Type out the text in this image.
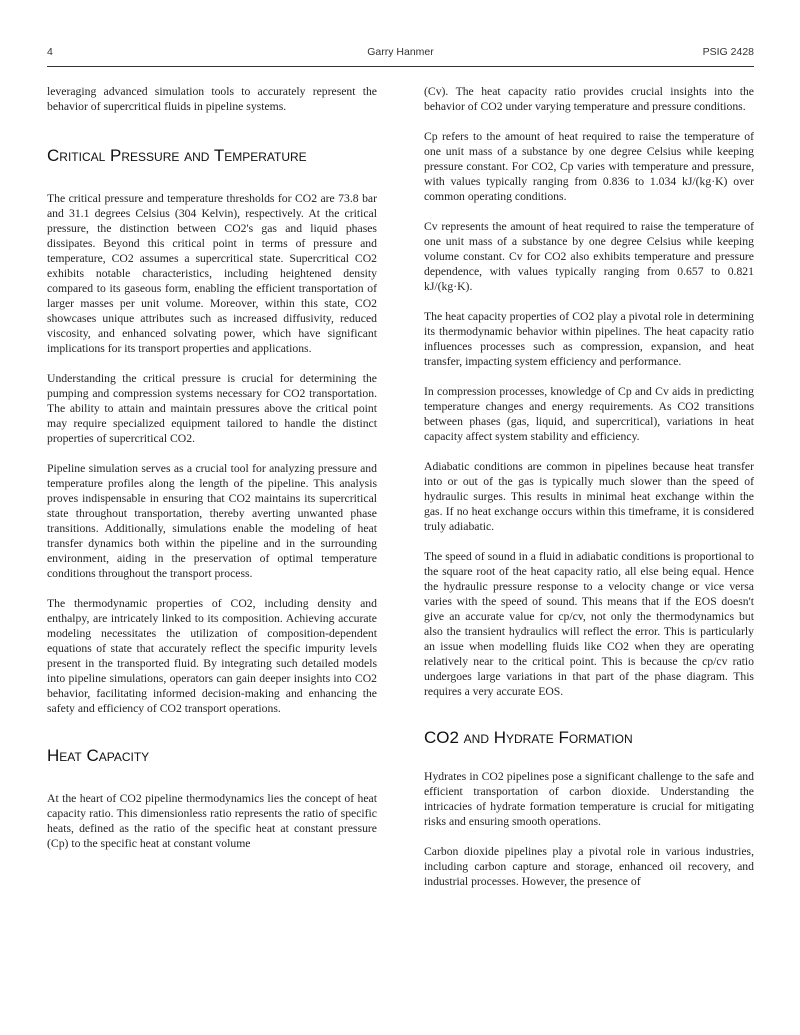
4	Garry Hanmer	PSIG 2428

leveraging advanced simulation tools to accurately represent the behavior of supercritical fluids in pipeline systems.

Critical Pressure and Temperature

The critical pressure and temperature thresholds for CO2 are 73.8 bar and 31.1 degrees Celsius (304 Kelvin), respectively. At the critical pressure, the distinction between CO2's gas and liquid phases dissipates. Beyond this critical point in terms of pressure and temperature, CO2 assumes a supercritical state. Supercritical CO2 exhibits notable characteristics, including heightened density compared to its gaseous form, enabling the efficient transportation of larger masses per unit volume. Moreover, within this state, CO2 showcases unique attributes such as increased diffusivity, reduced viscosity, and enhanced solvating power, which have significant implications for its transport properties and applications.

Understanding the critical pressure is crucial for determining the pumping and compression systems necessary for CO2 transportation. The ability to attain and maintain pressures above the critical point may require specialized equipment tailored to handle the distinct properties of supercritical CO2.

Pipeline simulation serves as a crucial tool for analyzing pressure and temperature profiles along the length of the pipeline. This analysis proves indispensable in ensuring that CO2 maintains its supercritical state throughout transportation, thereby averting unwanted phase transitions. Additionally, simulations enable the modeling of heat transfer dynamics both within the pipeline and in the surrounding environment, aiding in the preservation of optimal temperature conditions throughout the transport process.

The thermodynamic properties of CO2, including density and enthalpy, are intricately linked to its composition. Achieving accurate modeling necessitates the utilization of composition-dependent equations of state that accurately reflect the specific impurity levels present in the transported fluid. By integrating such detailed models into pipeline simulations, operators can gain deeper insights into CO2 behavior, facilitating informed decision-making and enhancing the safety and efficiency of CO2 transport operations.

Heat Capacity

At the heart of CO2 pipeline thermodynamics lies the concept of heat capacity ratio. This dimensionless ratio represents the ratio of specific heats, defined as the ratio of the specific heat at constant pressure (Cp) to the specific heat at constant volume

(Cv). The heat capacity ratio provides crucial insights into the behavior of CO2 under varying temperature and pressure conditions.

Cp refers to the amount of heat required to raise the temperature of one unit mass of a substance by one degree Celsius while keeping pressure constant. For CO2, Cp varies with temperature and pressure, with values typically ranging from 0.836 to 1.034 kJ/(kg·K) over common operating conditions.

Cv represents the amount of heat required to raise the temperature of one unit mass of a substance by one degree Celsius while keeping volume constant. Cv for CO2 also exhibits temperature and pressure dependence, with values typically ranging from 0.657 to 0.821 kJ/(kg·K).

The heat capacity properties of CO2 play a pivotal role in determining its thermodynamic behavior within pipelines. The heat capacity ratio influences processes such as compression, expansion, and heat transfer, impacting system efficiency and performance.

In compression processes, knowledge of Cp and Cv aids in predicting temperature changes and energy requirements. As CO2 transitions between phases (gas, liquid, and supercritical), variations in heat capacity affect system stability and efficiency.

Adiabatic conditions are common in pipelines because heat transfer into or out of the gas is typically much slower than the speed of hydraulic surges. This results in minimal heat exchange within the gas. If no heat exchange occurs within this timeframe, it is considered truly adiabatic.

The speed of sound in a fluid in adiabatic conditions is proportional to the square root of the heat capacity ratio, all else being equal. Hence the hydraulic pressure response to a velocity change or vice versa varies with the speed of sound. This means that if the EOS doesn't give an accurate value for cp/cv, not only the thermodynamics but also the transient hydraulics will reflect the error. This is particularly an issue when modelling fluids like CO2 when they are operating relatively near to the critical point. This is because the cp/cv ratio undergoes large variations in that part of the phase diagram. This requires a very accurate EOS.

CO2 and Hydrate Formation

Hydrates in CO2 pipelines pose a significant challenge to the safe and efficient transportation of carbon dioxide. Understanding the intricacies of hydrate formation temperature is crucial for mitigating risks and ensuring smooth operations.

Carbon dioxide pipelines play a pivotal role in various industries, including carbon capture and storage, enhanced oil recovery, and industrial processes. However, the presence of
